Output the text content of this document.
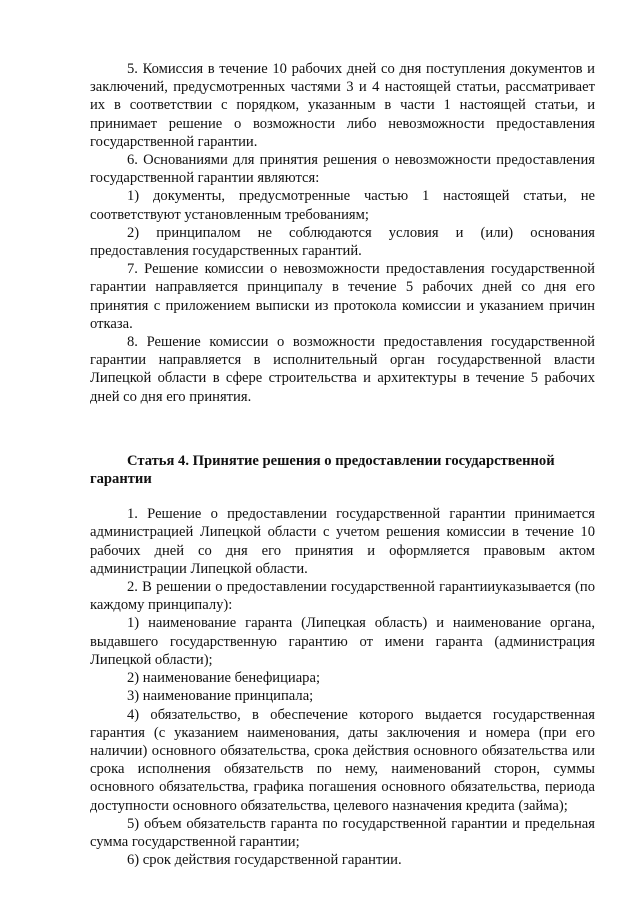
5. Комиссия в течение 10 рабочих дней со дня поступления документов и заключений, предусмотренных частями 3 и 4 настоящей статьи, рассматривает их в соответствии с порядком, указанным в части 1 настоящей статьи, и принимает решение о возможности либо невозможности предоставления государственной гарантии.

6. Основаниями для принятия решения о невозможности предоставления государственной гарантии являются:

1) документы, предусмотренные частью 1 настоящей статьи, не соответствуют установленным требованиям;

2) принципалом не соблюдаются условия и (или) основания предоставления государственных гарантий.

7. Решение комиссии о невозможности предоставления государственной гарантии направляется принципалу в течение 5 рабочих дней со дня его принятия с приложением выписки из протокола комиссии и указанием причин отказа.

8. Решение комиссии о возможности предоставления государственной гарантии направляется в исполнительный орган государственной власти Липецкой области в сфере строительства и архитектуры в течение 5 рабочих дней со дня его принятия.

Статья 4. Принятие решения о предоставлении государственной гарантии

1. Решение о предоставлении государственной гарантии принимается администрацией Липецкой области с учетом решения комиссии в течение 10 рабочих дней со дня его принятия и оформляется правовым актом администрации Липецкой области.

2. В решении о предоставлении государственной гарантииуказывается (по каждому принципалу):

1) наименование гаранта (Липецкая область) и наименование органа, выдавшего государственную гарантию от имени гаранта (администрация Липецкой области);

2) наименование бенефициара;

3) наименование принципала;

4) обязательство, в обеспечение которого выдается государственная гарантия (с указанием наименования, даты заключения и номера (при его наличии) основного обязательства, срока действия основного обязательства или срока исполнения обязательств по нему, наименований сторон, суммы основного обязательства, графика погашения основного обязательства, периода доступности основного обязательства, целевого назначения кредита (займа);

5) объем обязательств гаранта по государственной гарантии и предельная сумма государственной гарантии;

6) срок действия государственной гарантии.
